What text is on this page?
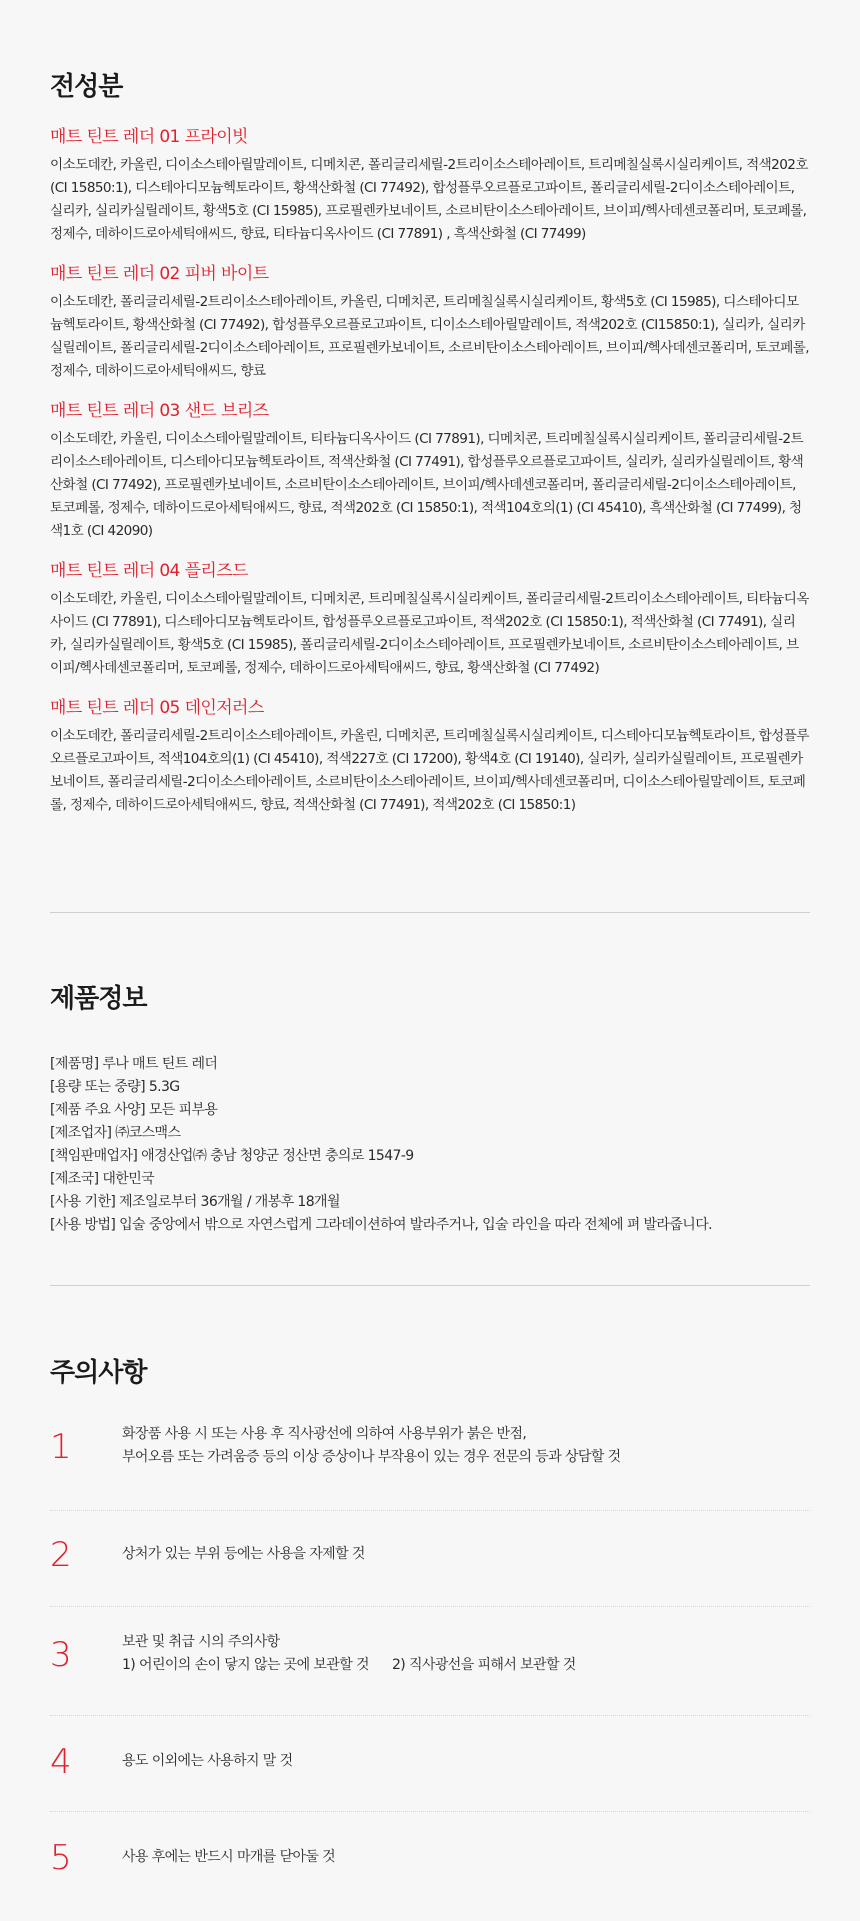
전성분

매트 틴트 레더 01 프라이빗

이소도데칸, 카올린, 디이소스테아릴말레이트, 디메치콘, 폴리글리세릴-2트리이소스테아레이트, 트리메칠실록시실리케이트, 적색202호 (CI 15850:1), 디스테아디모늄헥토라이트, 황색산화철 (CI 77492), 합성플루오르플로고파이트, 폴리글리세릴-2디이소스테아레이트, 실리카, 실리카실릴레이트, 황색5호 (CI 15985), 프로필렌카보네이트, 소르비탄이소스테아레이트, 브이피/헥사데센코폴리머, 토코페롤, 정제수, 데하이드로아세틱애씨드, 향료, 티타늄디옥사이드 (CI 77891) , 흑색산화철 (CI 77499)

매트 틴트 레더 02 피버 바이트

이소도데칸, 폴리글리세릴-2트리이소스테아레이트, 카올린, 디메치콘, 트리메칠실록시실리케이트, 황색5호 (CI 15985), 디스테아디모늄헥토라이트, 황색산화철 (CI 77492), 합성플루오르플로고파이트, 디이소스테아릴말레이트, 적색202호 (CI15850:1), 실리카, 실리카실릴레이트, 폴리글리세릴-2디이소스테아레이트, 프로필렌카보네이트, 소르비탄이소스테아레이트, 브이피/헥사데센코폴리머, 토코페롤, 정제수, 데하이드로아세틱애씨드, 향료

매트 틴트 레더 03 샌드 브리즈

이소도데칸, 카올린, 디이소스테아릴말레이트, 티타늄디옥사이드 (CI 77891), 디메치콘, 트리메칠실록시실리케이트, 폴리글리세릴-2트리이소스테아레이트, 디스테아디모늄헥토라이트, 적색산화철 (CI 77491), 합성플루오르플로고파이트, 실리카, 실리카실릴레이트, 황색산화철 (CI 77492), 프로필렌카보네이트, 소르비탄이소스테아레이트, 브이피/헥사데센코폴리머, 폴리글리세릴-2디이소스테아레이트, 토코페롤, 정제수, 데하이드로아세틱애씨드, 향료, 적색202호 (CI 15850:1), 적색104호의(1) (CI 45410), 흑색산화철 (CI 77499), 청색1호 (CI 42090)

매트 틴트 레더 04 플리즈드

이소도데칸, 카올린, 디이소스테아릴말레이트, 디메치콘, 트리메칠실록시실리케이트, 폴리글리세릴-2트리이소스테아레이트, 티타늄디옥사이드 (CI 77891), 디스테아디모늄헥토라이트, 합성플루오르플로고파이트, 적색202호 (CI 15850:1), 적색산화철 (CI 77491), 실리카, 실리카실릴레이트, 황색5호 (CI 15985), 폴리글리세릴-2디이소스테아레이트, 프로필렌카보네이트, 소르비탄이소스테아레이트, 브이피/헥사데센코폴리머, 토코페롤, 정제수, 데하이드로아세틱애씨드, 향료, 황색산화철 (CI 77492)

매트 틴트 레더 05 데인저러스

이소도데칸, 폴리글리세릴-2트리이소스테아레이트, 카올린, 디메치콘, 트리메칠실록시실리케이트, 디스테아디모늄헥토라이트, 합성플루오르플로고파이트, 적색104호의(1) (CI 45410), 적색227호 (CI 17200), 황색4호 (CI 19140), 실리카, 실리카실릴레이트, 프로필렌카보네이트, 폴리글리세릴-2디이소스테아레이트, 소르비탄이소스테아레이트, 브이피/헥사데센코폴리머, 디이소스테아릴말레이트, 토코페롤, 정제수, 데하이드로아세틱애씨드, 향료, 적색산화철 (CI 77491), 적색202호 (CI 15850:1)

제품정보
[제품명] 루나 매트 틴트 레더
[용량 또는 중량] 5.3G
[제품 주요 사양] 모든 피부용
[제조업자] ㈜코스맥스
[책임판매업자] 애경산업㈜ 충남 청양군 정산면 충의로 1547-9
[제조국] 대한민국
[사용 기한] 제조일로부터 36개월 / 개봉후 18개월
[사용 방법] 입술 중앙에서 밖으로 자연스럽게 그라데이션하여 발라주거나, 입술 라인을 따라 전체에 펴 발라줍니다.
주의사항
1	화장품 사용 시 또는 사용 후 직사광선에 의하여 사용부위가 붉은 반점,
부어오름 또는 가려움증 등의 이상 증상이나 부작용이 있는 경우 전문의 등과 상담할 것
2	상처가 있는 부위 등에는 사용을 자제할 것
3	보관 및 취급 시의 주의사항
1) 어린이의 손이 닿지 않는 곳에 보관할 것      2) 직사광선을 피해서 보관할 것
4	용도 이외에는 사용하지 말 것
5	사용 후에는 반드시 마개를 닫아둘 것
